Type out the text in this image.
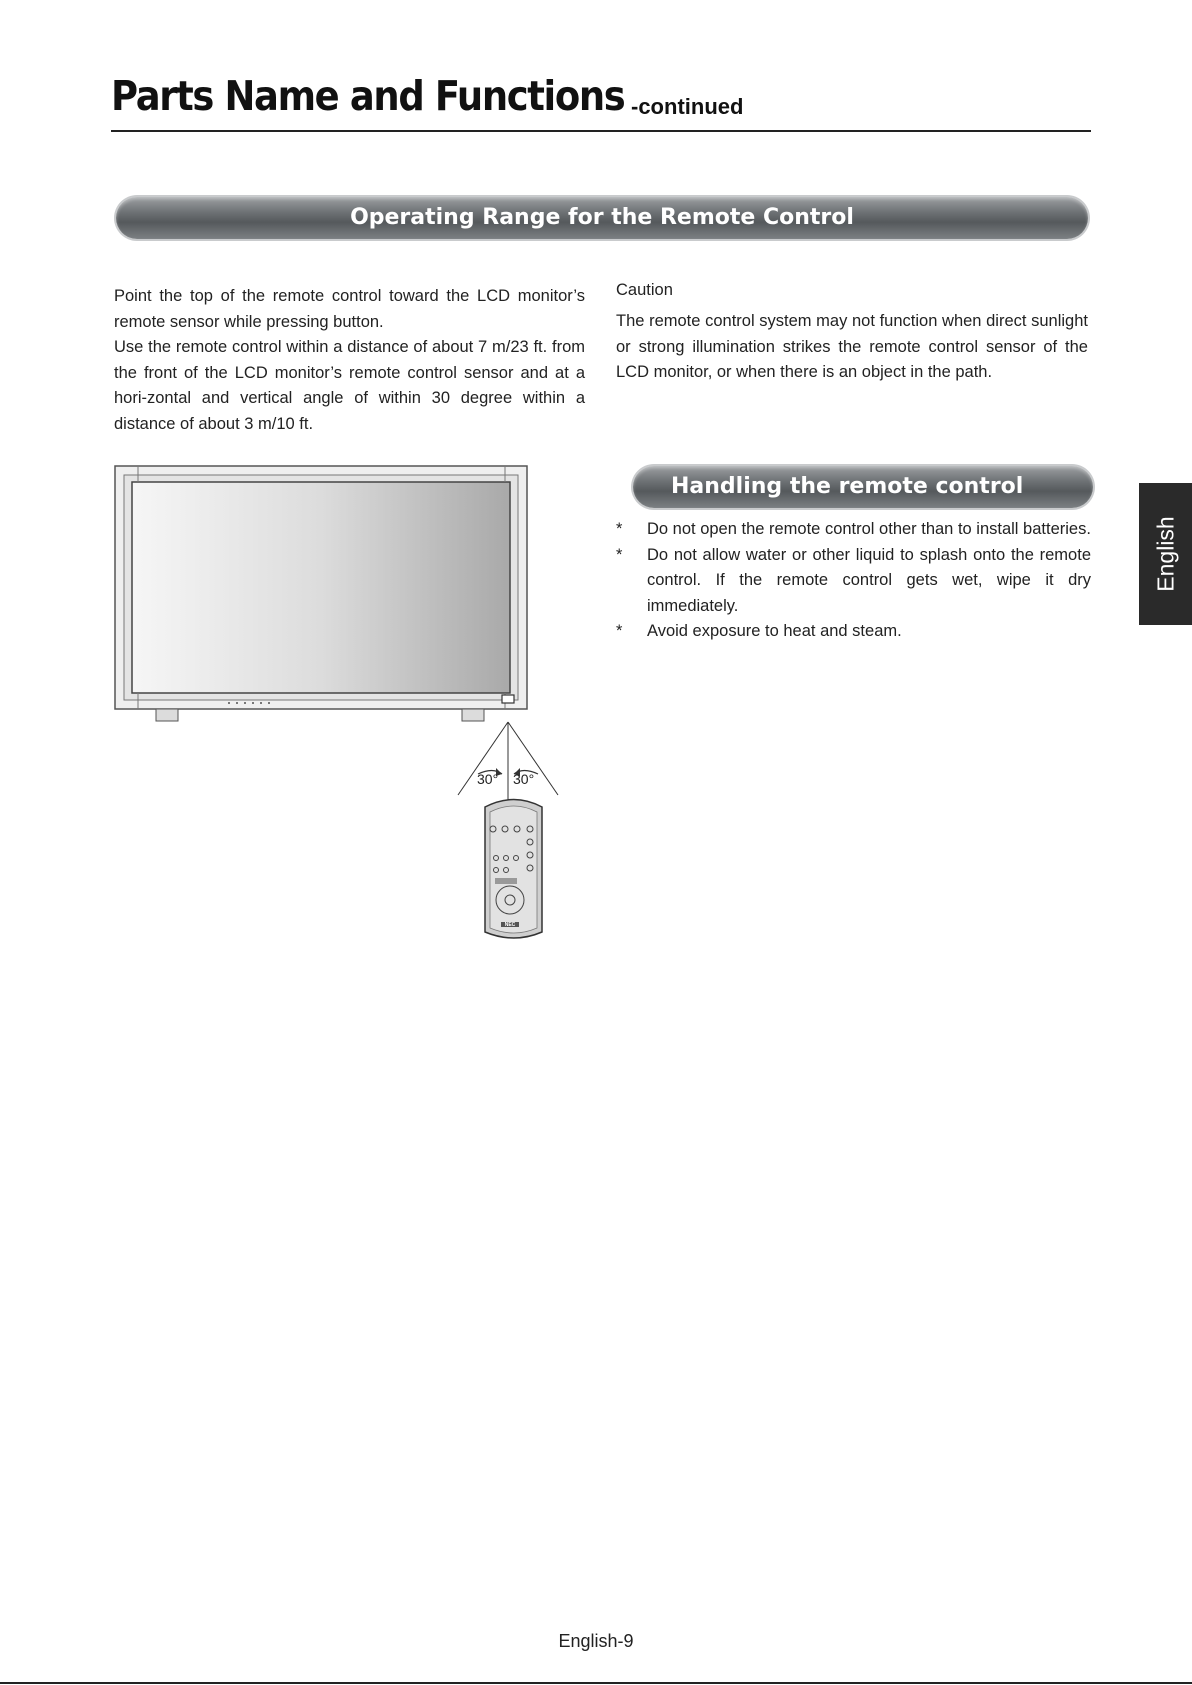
Parts Name and Functions -continued
Operating Range for the Remote Control

Point the top of the remote control toward the LCD monitor’s remote sensor while pressing button.

Use the remote control within a distance of about 7 m/23 ft. from the front of the LCD monitor’s remote control sensor and at a hori-zontal and vertical angle of within 30 degree within a distance of about 3 m/10 ft.

Caution

The remote control system may not function when direct sunlight or strong illumination strikes the remote control sensor of the LCD monitor, or when there is an object in the path.

Handling the remote control
* Do not open the remote control other than to install batteries.
* Do not allow water or other liquid to splash onto the remote control. If the remote control gets wet, wipe it dry immediately.
* Avoid exposure to heat and steam.
30° 30°
NEC
English
English-9
